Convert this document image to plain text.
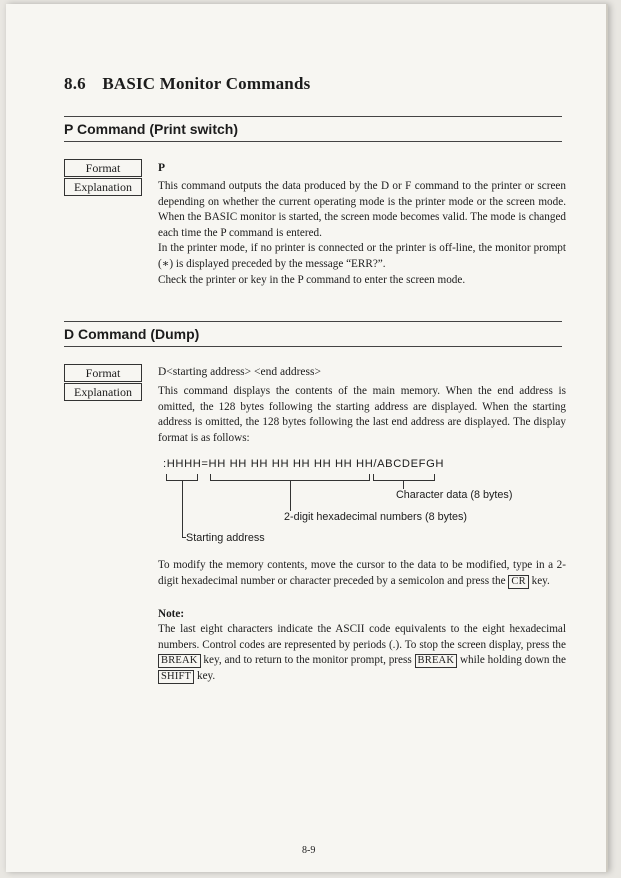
8.6 BASIC Monitor Commands
P Command (Print switch)
Format
Explanation
P
This command outputs the data produced by the D or F command to the printer or screen depending on whether the current operating mode is the printer mode or the screen mode. When the BASIC monitor is started, the screen mode becomes valid. The mode is changed each time the P command is entered.
In the printer mode, if no printer is connected or the printer is off-line, the monitor prompt (∗) is displayed preceded by the message “ERR?”.
Check the printer or key in the P command to enter the screen mode.
D Command (Dump)
Format
Explanation
D<starting address> <end address>
This command displays the contents of the main memory. When the end address is omitted, the 128 bytes following the starting address are displayed. When the starting address is omitted, the 128 bytes following the last end address are displayed. The display format is as follows:
:HHHH=HH HH HH HH HH HH HH HH/ABCDEFGH
Character data (8 bytes)
2-digit hexadecimal numbers (8 bytes)
Starting address
To modify the memory contents, move the cursor to the data to be modified, type in a 2-digit hexadecimal number or character preceded by a semicolon and press the CR key.
Note:
The last eight characters indicate the ASCII code equivalents to the eight hexadecimal numbers. Control codes are represented by periods (.). To stop the screen display, press the BREAK key, and to return to the monitor prompt, press BREAK while holding down the SHIFT key.
8-9
